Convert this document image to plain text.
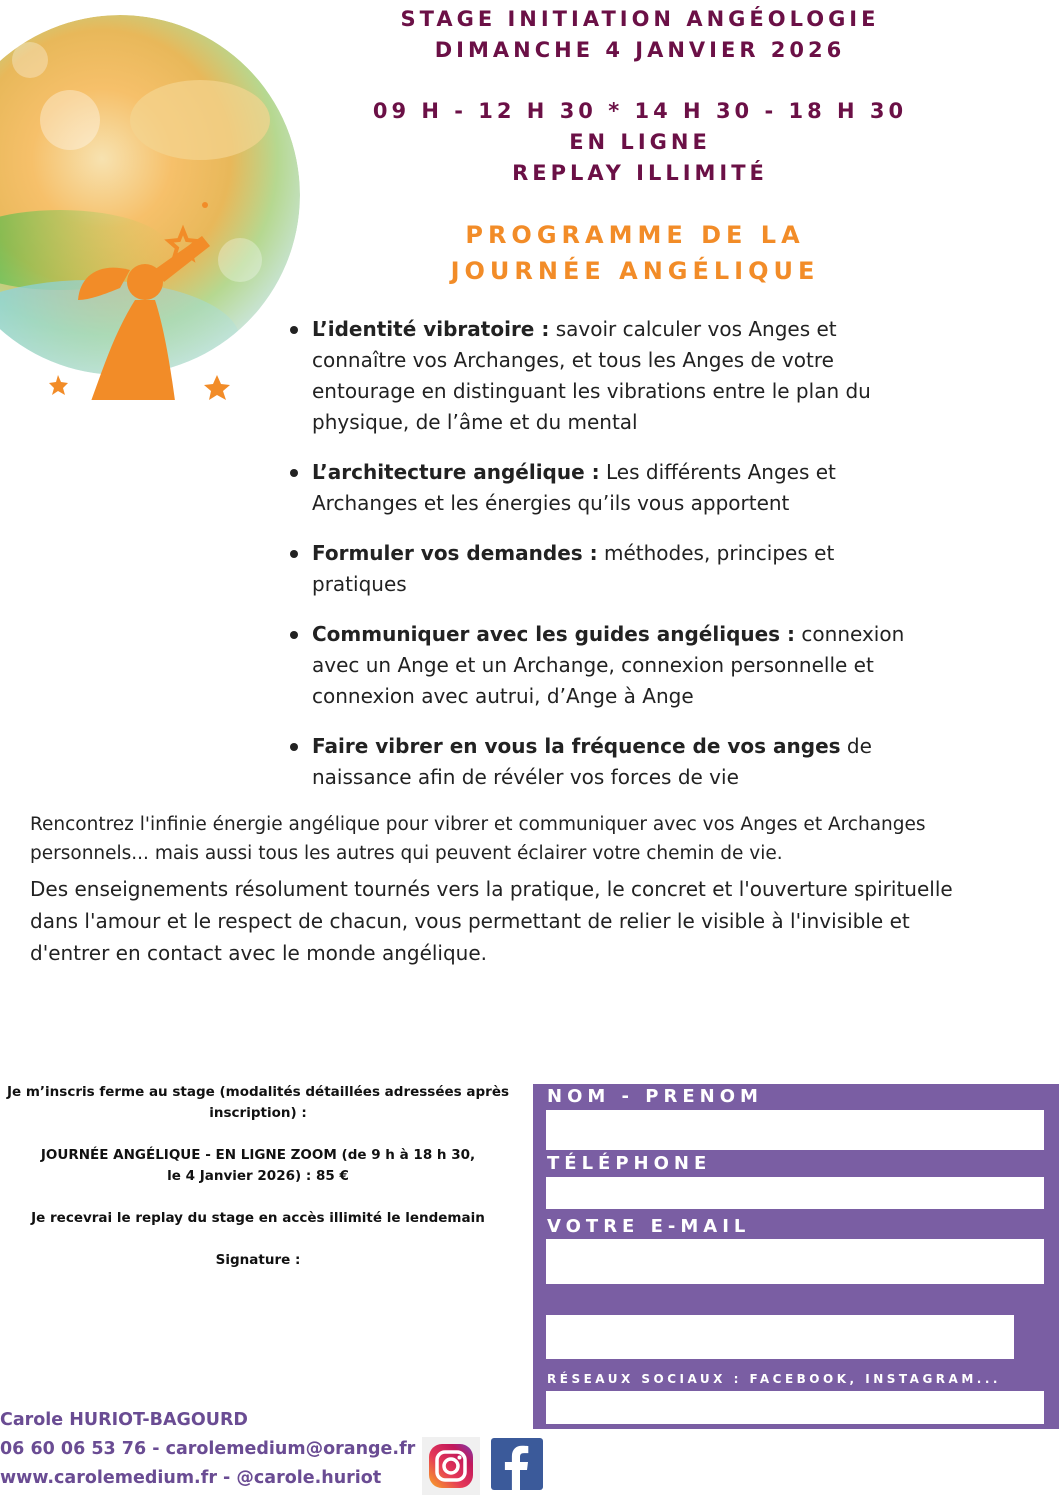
STAGE INITIATION ANGÉOLOGIE
DIMANCHE 4 JANVIER 2026
09 H - 12 H 30 * 14 H 30 - 18 H 30
EN LIGNE
REPLAY ILLIMITÉ
PROGRAMME DE LA
JOURNÉE ANGÉLIQUE
L’identité vibratoire : savoir calculer vos Anges et connaître vos Archanges, et tous les Anges de votre entourage en distinguant les vibrations entre le plan du physique, de l’âme et du mental
L’architecture angélique : Les différents Anges et Archanges et les énergies qu’ils vous apportent
Formuler vos demandes : méthodes, principes et pratiques
Communiquer avec les guides angéliques : connexion avec un Ange et un Archange, connexion personnelle et connexion avec autrui, d’Ange à Ange
Faire vibrer en vous la fréquence de vos anges de naissance afin de révéler vos forces de vie
Rencontrez l'infinie énergie angélique pour vibrer et communiquer avec vos Anges et Archanges personnels... mais aussi tous les autres qui peuvent éclairer votre chemin de vie.
Des enseignements résolument tournés vers la pratique, le concret et l'ouverture spirituelle dans l'amour et le respect de chacun, vous permettant de relier le visible à l'invisible et d'entrer en contact avec le monde angélique.

Je m’inscris ferme au stage (modalités détaillées adressées après inscription) :

JOURNÉE ANGÉLIQUE - EN LIGNE ZOOM (de 9 h à 18 h 30,
le 4 Janvier 2026) : 85 €

Je recevrai le replay du stage en accès illimité le lendemain

Signature :

NOM - PRENOM
TÉLÉPHONE
VOTRE E-MAIL
RÉSEAUX SOCIAUX : FACEBOOK, INSTAGRAM...
Carole HURIOT-BAGOURD
06 60 06 53 76 - carolemedium@orange.fr
www.carolemedium.fr - @carole.huriot
